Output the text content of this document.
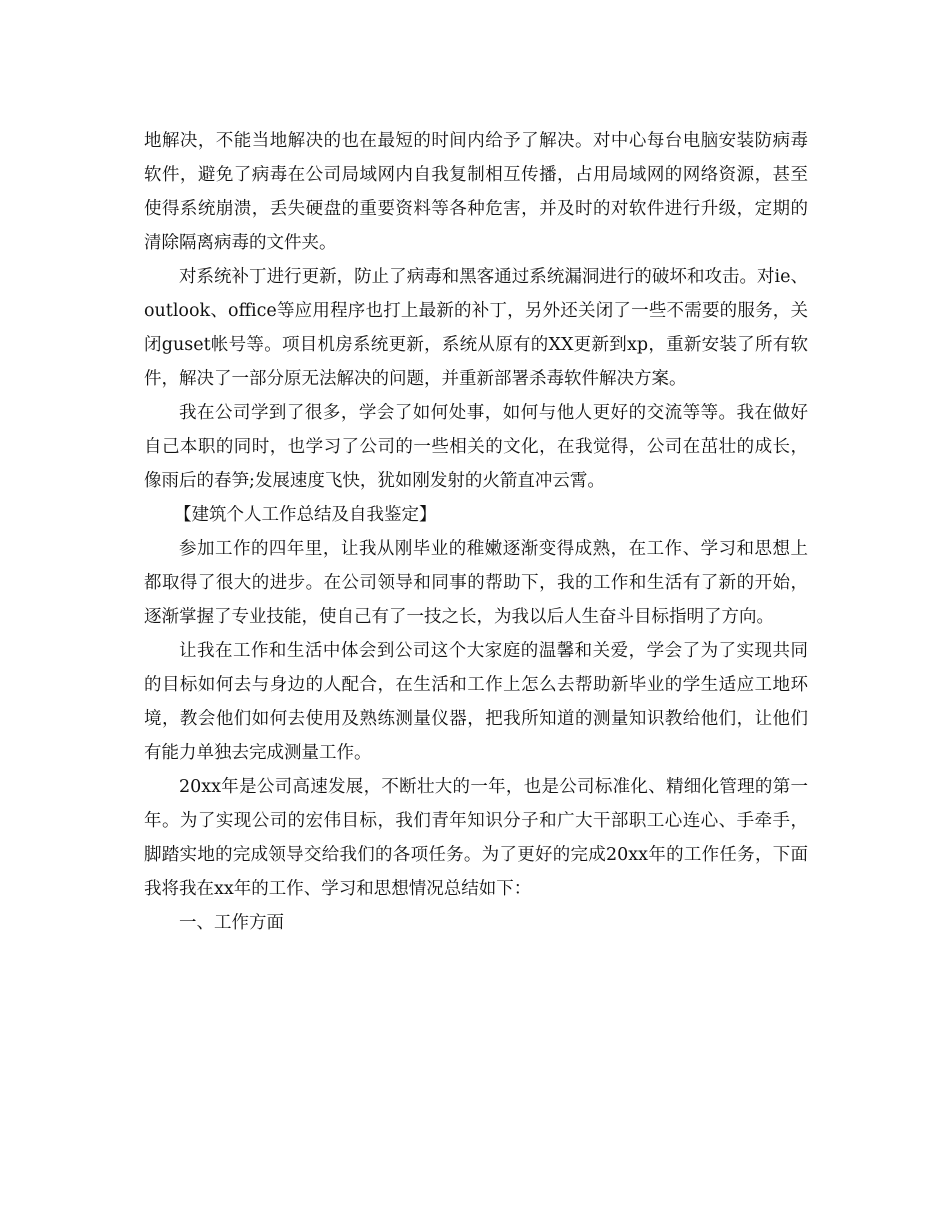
地解决，不能当地解决的也在最短的时间内给予了解决。对中心每台电脑安装防病毒软件，避免了病毒在公司局域网内自我复制相互传播，占用局域网的网络资源，甚至使得系统崩溃，丢失硬盘的重要资料等各种危害，并及时的对软件进行升级，定期的清除隔离病毒的文件夹。

对系统补丁进行更新，防止了病毒和黑客通过系统漏洞进行的破坏和攻击。对ie、outlook、office等应用程序也打上最新的补丁，另外还关闭了一些不需要的服务，关闭guset帐号等。项目机房系统更新，系统从原有的XX更新到xp，重新安装了所有软件，解决了一部分原无法解决的问题，并重新部署杀毒软件解决方案。

我在公司学到了很多，学会了如何处事，如何与他人更好的交流等等。我在做好自己本职的同时，也学习了公司的一些相关的文化，在我觉得，公司在茁壮的成长，像雨后的春笋;发展速度飞快，犹如刚发射的火箭直冲云霄。

【建筑个人工作总结及自我鉴定】

参加工作的四年里，让我从刚毕业的稚嫩逐渐变得成熟，在工作、学习和思想上都取得了很大的进步。在公司领导和同事的帮助下，我的工作和生活有了新的开始，逐渐掌握了专业技能，使自己有了一技之长，为我以后人生奋斗目标指明了方向。

让我在工作和生活中体会到公司这个大家庭的温馨和关爱，学会了为了实现共同的目标如何去与身边的人配合，在生活和工作上怎么去帮助新毕业的学生适应工地环境，教会他们如何去使用及熟练测量仪器，把我所知道的测量知识教给他们，让他们有能力单独去完成测量工作。

20xx年是公司高速发展，不断壮大的一年，也是公司标准化、精细化管理的第一年。为了实现公司的宏伟目标，我们青年知识分子和广大干部职工心连心、手牵手，脚踏实地的完成领导交给我们的各项任务。为了更好的完成20xx年的工作任务，下面我将我在xx年的工作、学习和思想情况总结如下：

一、工作方面
